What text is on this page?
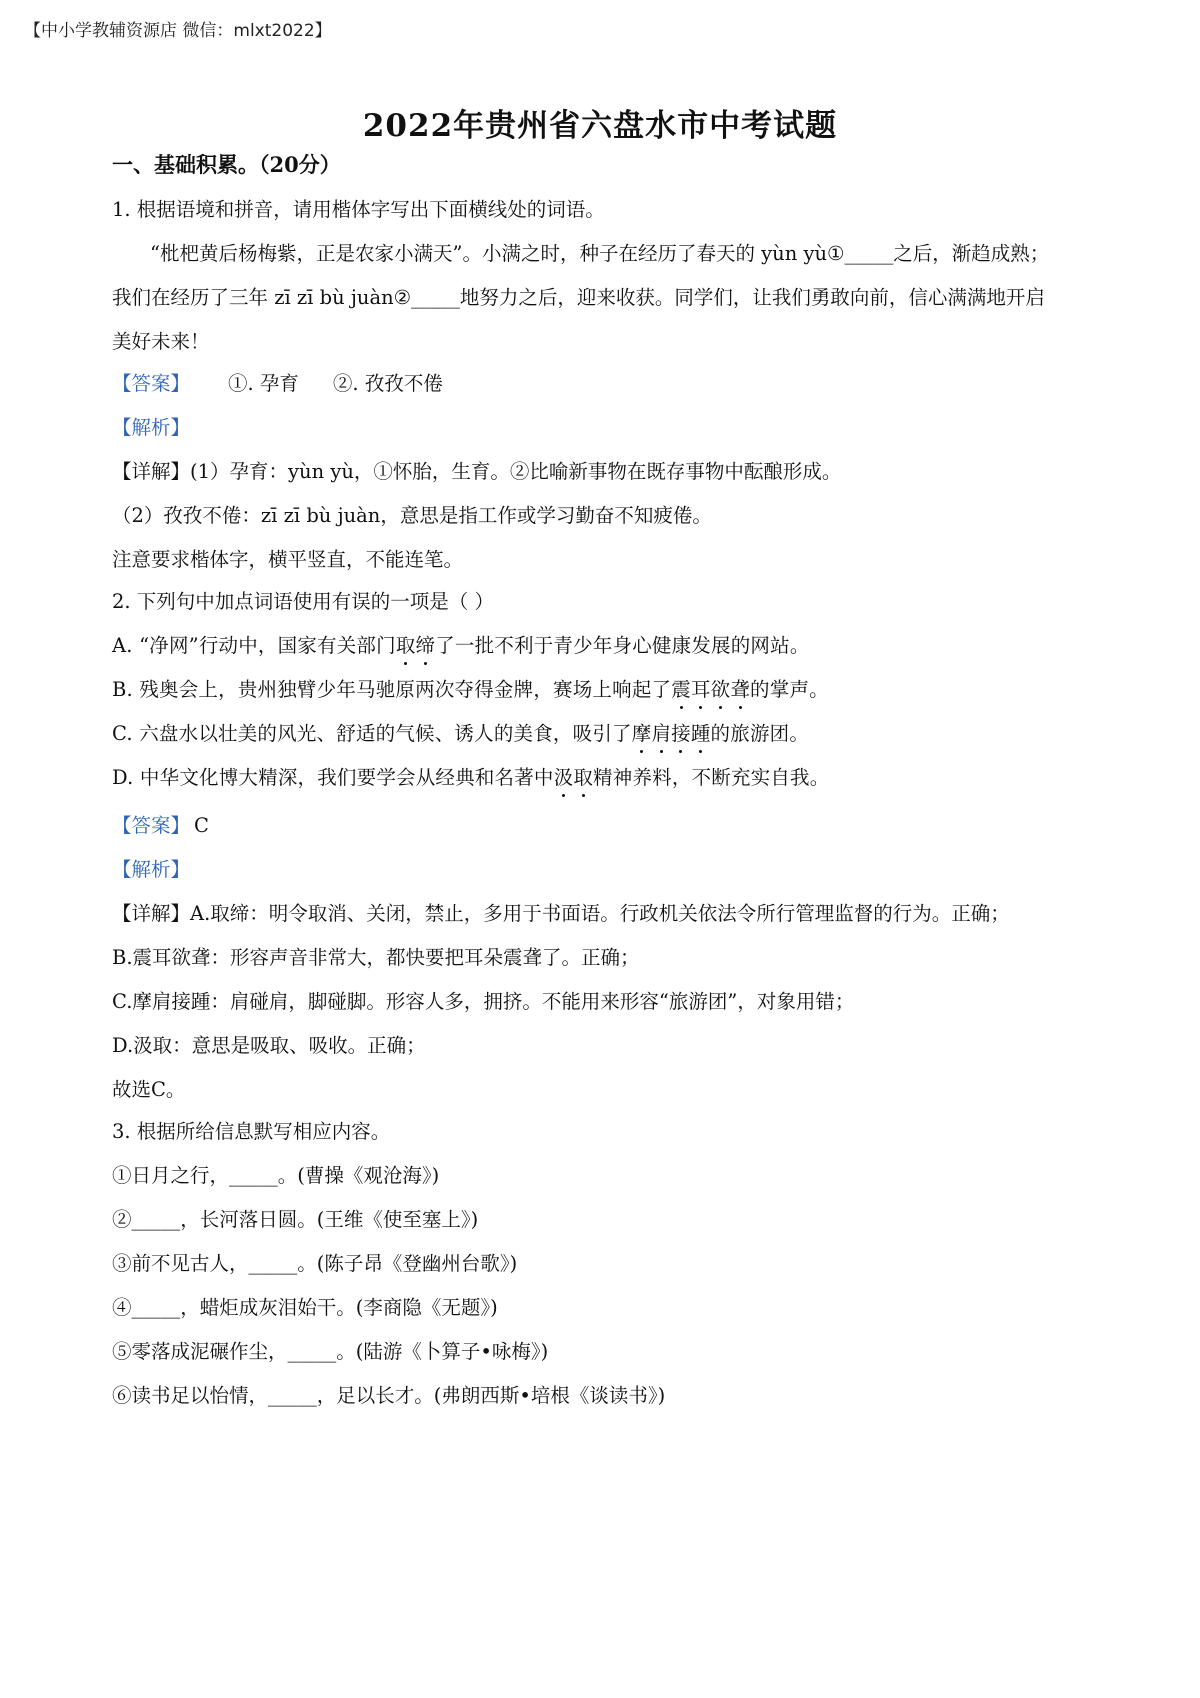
【中小学教辅资源店 微信：mlxt2022】
2022年贵州省六盘水市中考试题
一、基础积累。（20分）
1. 根据语境和拼音，请用楷体字写出下面横线处的词语。
“枇杷黄后杨梅紫，正是农家小满天”。小满之时，种子在经历了春天的 yùn yù①_____之后，渐趋成熟；
我们在经历了三年 zī zī bù juàn②_____地努力之后，迎来收获。同学们，让我们勇敢向前，信心满满地开启
美好未来！
【答案】 ①. 孕育 ②. 孜孜不倦
【解析】
【详解】(1）孕育：yùn yù，①怀胎，生育。②比喻新事物在既存事物中酝酿形成。
（2）孜孜不倦：zī zī bù juàn，意思是指工作或学习勤奋不知疲倦。
注意要求楷体字，横平竖直，不能连笔。
2. 下列句中加点词语使用有误的一项是（ ）
A. “净网”行动中，国家有关部门取缔了一批不利于青少年身心健康发展的网站。
B. 残奥会上，贵州独臂少年马驰原两次夺得金牌，赛场上响起了震耳欲聋的掌声。
C. 六盘水以壮美的风光、舒适的气候、诱人的美食，吸引了摩肩接踵的旅游团。
D. 中华文化博大精深，我们要学会从经典和名著中汲取精神养料，不断充实自我。
【答案】 C
【解析】
【详解】A.取缔：明令取消、关闭，禁止，多用于书面语。行政机关依法令所行管理监督的行为。正确；
B.震耳欲聋：形容声音非常大，都快要把耳朵震聋了。正确；
C.摩肩接踵：肩碰肩，脚碰脚。形容人多，拥挤。不能用来形容“旅游团”，对象用错；
D.汲取：意思是吸取、吸收。正确；
故选C。
3. 根据所给信息默写相应内容。
①日月之行，_____。(曹操《观沧海》)
②_____，长河落日圆。(王维《使至塞上》)
③前不见古人，_____。(陈子昂《登幽州台歌》)
④_____，蜡炬成灰泪始干。(李商隐《无题》)
⑤零落成泥碾作尘，_____。(陆游《卜算子•咏梅》)
⑥读书足以怡情，_____，足以长才。(弗朗西斯•培根《谈读书》)
